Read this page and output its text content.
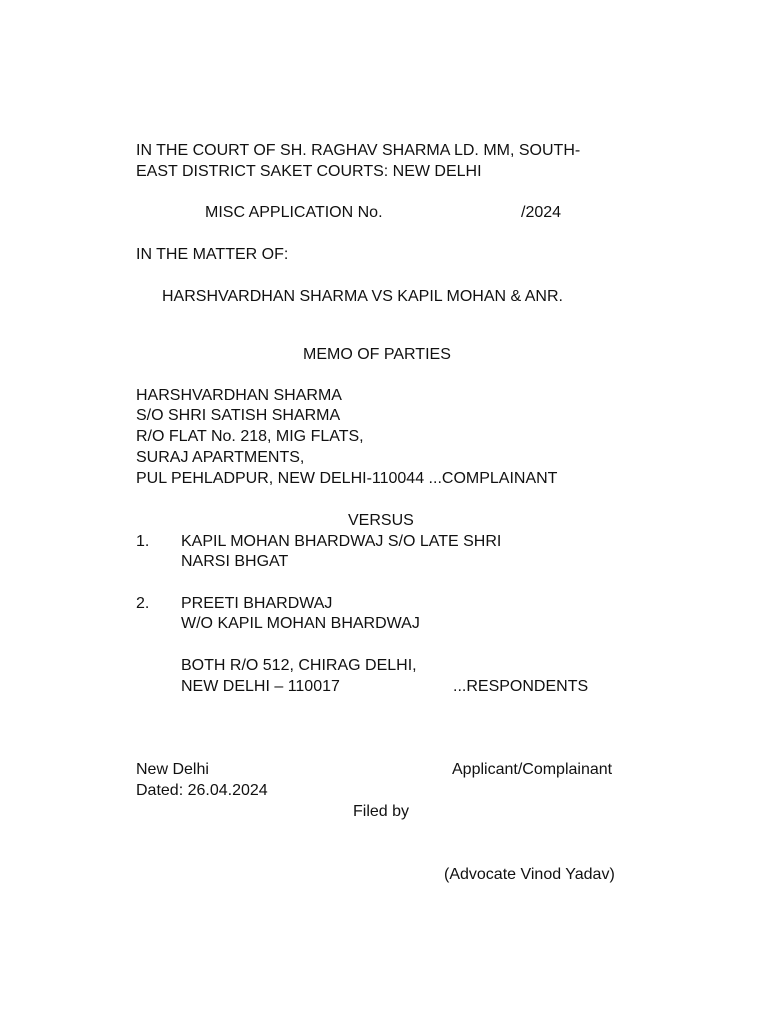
IN THE COURT OF SH. RAGHAV SHARMA LD. MM, SOUTH-
EAST DISTRICT SAKET COURTS: NEW DELHI
MISC APPLICATION No.	/2024
IN THE MATTER OF:
HARSHVARDHAN SHARMA VS KAPIL MOHAN & ANR.
MEMO OF PARTIES
HARSHVARDHAN SHARMA
S/O SHRI SATISH SHARMA
R/O FLAT No. 218, MIG FLATS,
SURAJ APARTMENTS,
PUL PEHLADPUR, NEW DELHI-110044 ...COMPLAINANT
VERSUS
1. KAPIL MOHAN BHARDWAJ S/O LATE SHRI
NARSI BHGAT
2. PREETI BHARDWAJ
W/O KAPIL MOHAN BHARDWAJ
BOTH R/O 512, CHIRAG DELHI,
NEW DELHI – 110017	...RESPONDENTS
New Delhi	Applicant/Complainant
Dated: 26.04.2024
Filed by
(Advocate Vinod Yadav)
